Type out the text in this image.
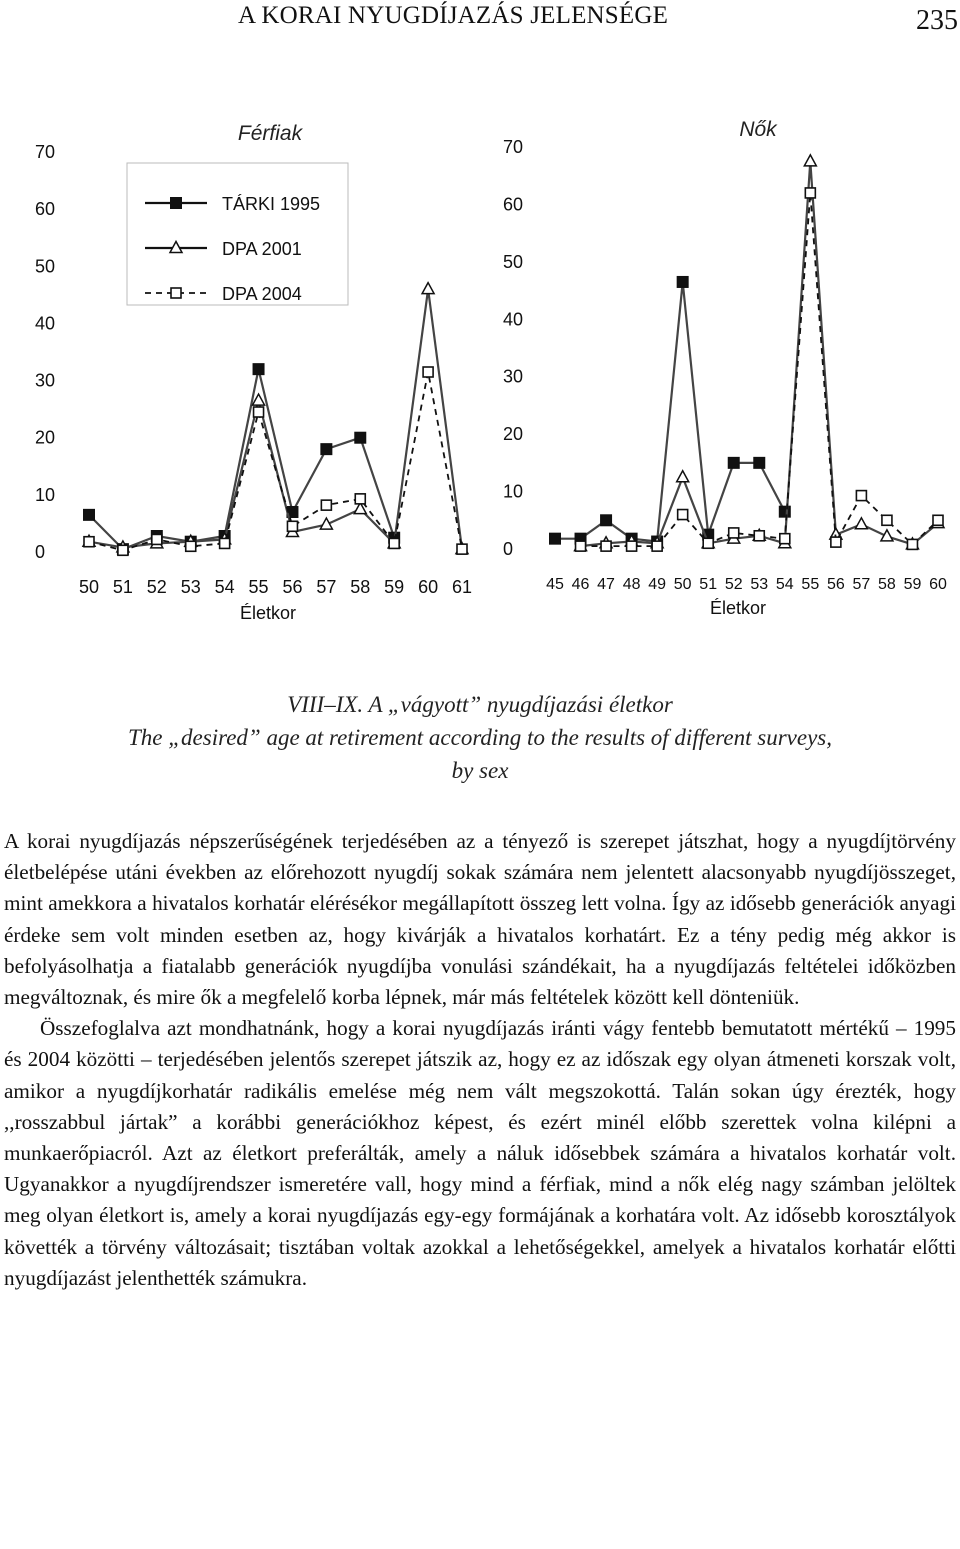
A KORAI NYUGDÍJAZÁS JELENSÉGE	235
Férfiak
0
10
20
30
40
50
60
70
50 51 52 53 54 55 56 57 58 59 60 61
Életkor
TÁRKI 1995
DPA 2001
DPA 2004
Nők
0
10
20
30
40
50
60
70
45 46 47 48 49 50 51 52 53 54 55 56 57 58 59 60
Életkor
VIII–IX. A „vágyott” nyugdíjazási életkor
The „desired” age at retirement according to the results of different surveys,
by sex

A korai nyugdíjazás népszerűségének terjedésében az a tényező is szerepet játszhat, hogy a nyugdíjtörvény életbelépése utáni években az előrehozott nyugdíj sokak számára nem jelentett alacsonyabb nyugdíjösszeget, mint amekkora a hivatalos korhatár elérésékor megállapított összeg lett volna. Így az idősebb generációk anyagi érdeke sem volt minden esetben az, hogy kivárják a hivatalos korhatárt. Ez a tény pedig még akkor is befolyásolhatja a fiatalabb generációk nyugdíjba vonulási szándékait, ha a nyugdíjazás feltételei időközben megváltoznak, és mire ők a megfelelő korba lépnek, már más feltételek között kell dönteniük.

Összefoglalva azt mondhatnánk, hogy a korai nyugdíjazás iránti vágy fentebb bemutatott mértékű – 1995 és 2004 közötti – terjedésében jelentős szerepet játszik az, hogy ez az időszak egy olyan átmeneti korszak volt, amikor a nyugdíjkorhatár radikális emelése még nem vált megszokottá. Talán sokan úgy érezték, hogy ,,rosszabbul jártak” a korábbi generációkhoz képest, és ezért minél előbb szerettek volna kilépni a munkaerőpiacról. Azt az életkort preferálták, amely a náluk idősebbek számára a hivatalos korhatár volt. Ugyanakkor a nyugdíjrendszer ismeretére vall, hogy mind a férfiak, mind a nők elég nagy számban jelöltek meg olyan életkort is, amely a korai nyugdíjazás egy-egy formájának a korhatára volt. Az idősebb korosztályok követték a törvény változásait; tisztában voltak azokkal a lehetőségekkel, amelyek a hivatalos korhatár előtti nyugdíjazást jelenthették számukra.
